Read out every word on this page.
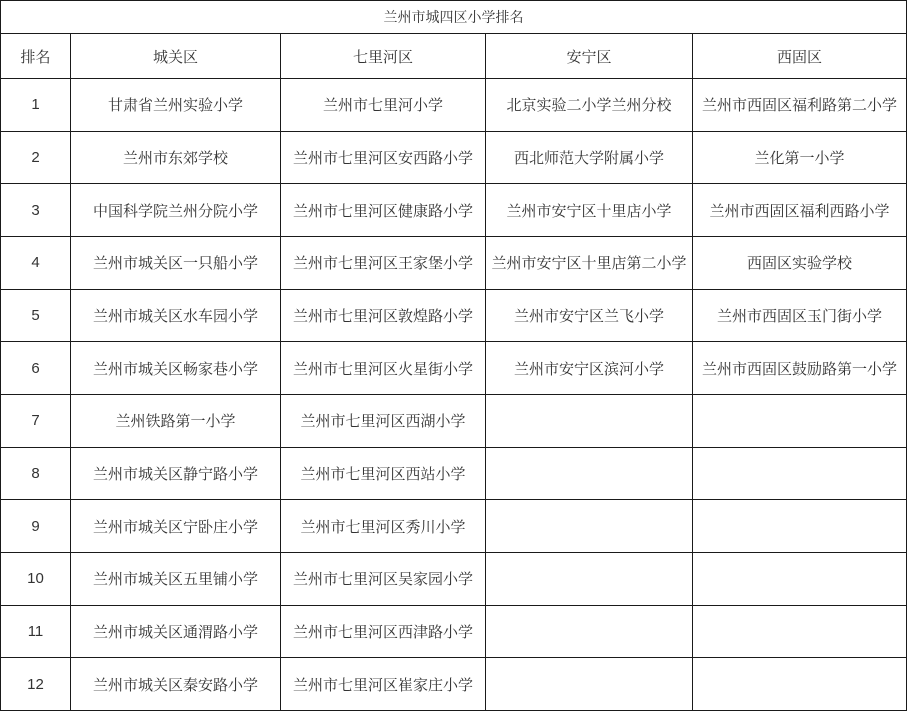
兰州市城四区小学排名				
排名	城关区	七里河区	安宁区	西固区
1	甘肃省兰州实验小学	兰州市七里河小学	北京实验二小学兰州分校	兰州市西固区福利路第二小学
2	兰州市东郊学校	兰州市七里河区安西路小学	西北师范大学附属小学	兰化第一小学
3	中国科学院兰州分院小学	兰州市七里河区健康路小学	兰州市安宁区十里店小学	兰州市西固区福利西路小学
4	兰州市城关区一只船小学	兰州市七里河区王家堡小学	兰州市安宁区十里店第二小学	西固区实验学校
5	兰州市城关区水车园小学	兰州市七里河区敦煌路小学	兰州市安宁区兰飞小学	兰州市西固区玉门街小学
6	兰州市城关区畅家巷小学	兰州市七里河区火星街小学	兰州市安宁区滨河小学	兰州市西固区鼓励路第一小学
7	兰州铁路第一小学	兰州市七里河区西湖小学		
8	兰州市城关区静宁路小学	兰州市七里河区西站小学		
9	兰州市城关区宁卧庄小学	兰州市七里河区秀川小学		
10	兰州市城关区五里铺小学	兰州市七里河区吴家园小学		
11	兰州市城关区通渭路小学	兰州市七里河区西津路小学		
12	兰州市城关区秦安路小学	兰州市七里河区崔家庄小学		
